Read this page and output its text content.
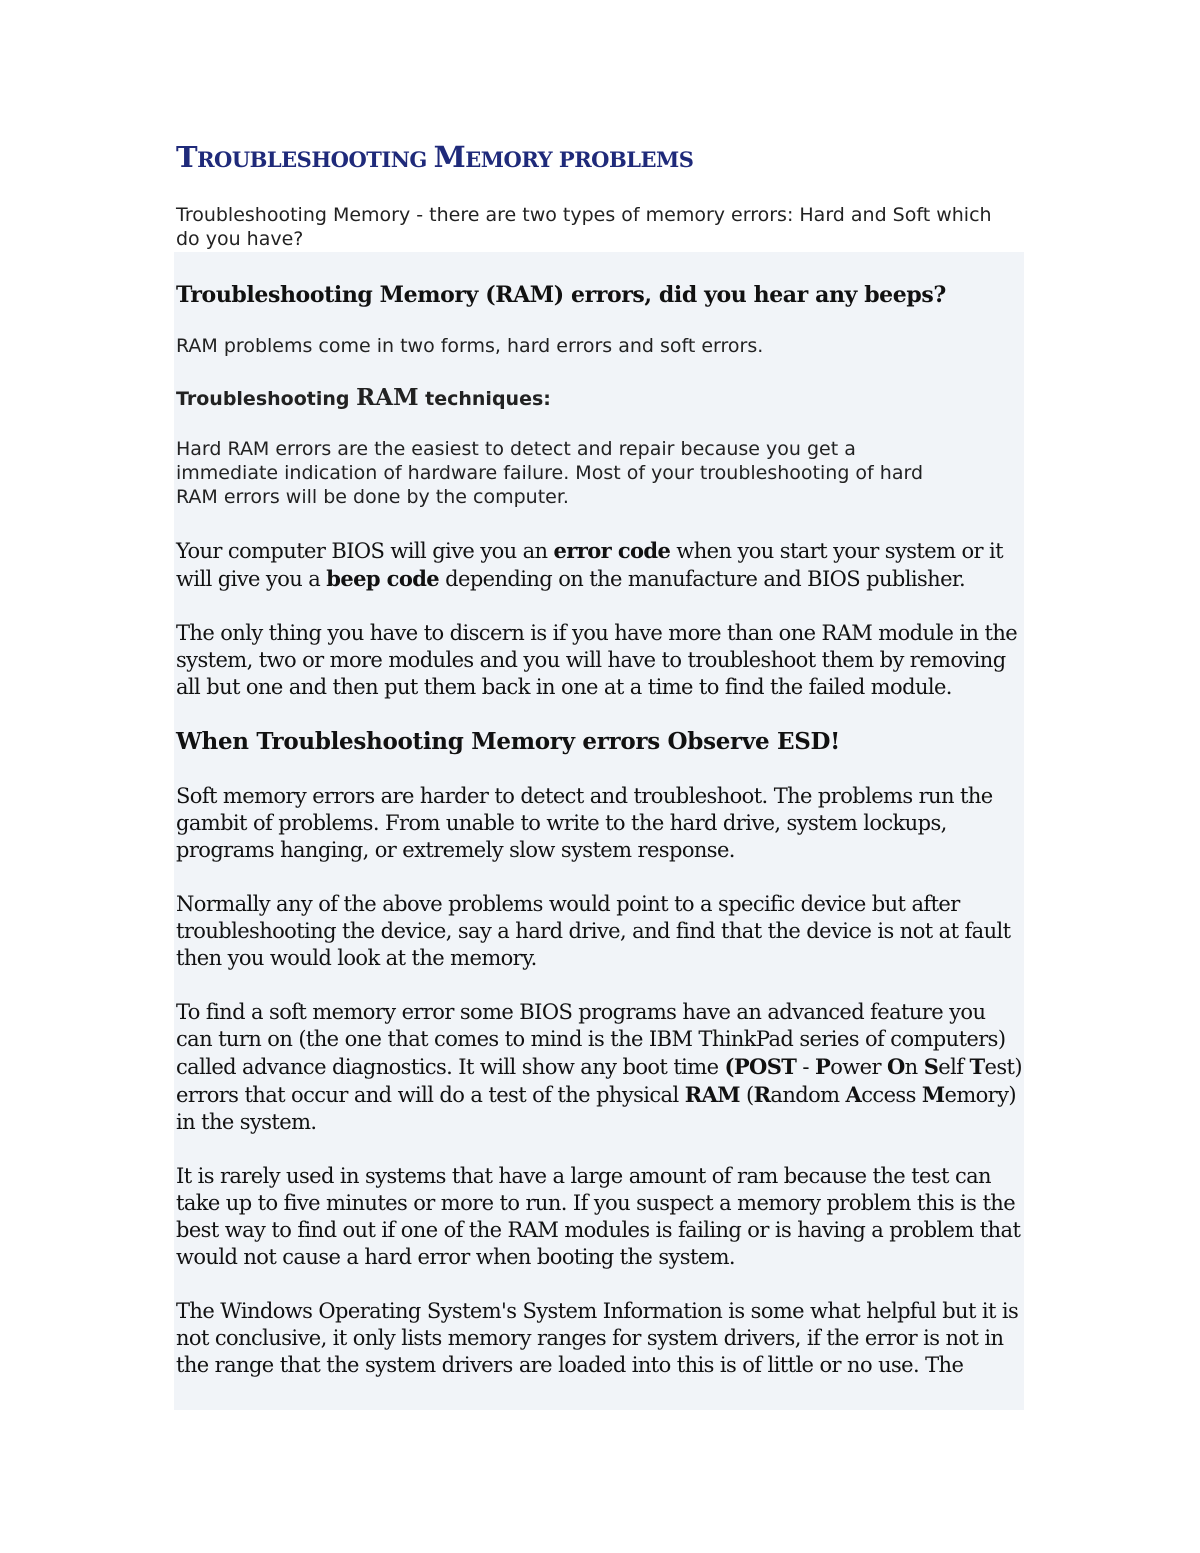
TROUBLESHOOTING MEMORY PROBLEMS

Troubleshooting Memory - there are two types of memory errors: Hard and Soft which do you have?

Troubleshooting Memory (RAM) errors, did you hear any beeps?

RAM problems come in two forms, hard errors and soft errors.

Troubleshooting RAM techniques:

Hard RAM errors are the easiest to detect and repair because you get a immediate indication of hardware failure. Most of your troubleshooting of hard RAM errors will be done by the computer.

Your computer BIOS will give you an error code when you start your system or it will give you a beep code depending on the manufacture and BIOS publisher.

The only thing you have to discern is if you have more than one RAM module in the system, two or more modules and you will have to troubleshoot them by removing all but one and then put them back in one at a time to find the failed module.

When Troubleshooting Memory errors Observe ESD!

Soft memory errors are harder to detect and troubleshoot. The problems run the gambit of problems. From unable to write to the hard drive, system lockups, programs hanging, or extremely slow system response.

Normally any of the above problems would point to a specific device but after troubleshooting the device, say a hard drive, and find that the device is not at fault then you would look at the memory.

To find a soft memory error some BIOS programs have an advanced feature you can turn on (the one that comes to mind is the IBM ThinkPad series of computers) called advance diagnostics. It will show any boot time (POST - Power On Self Test) errors that occur and will do a test of the physical RAM (Random Access Memory) in the system.

It is rarely used in systems that have a large amount of ram because the test can take up to five minutes or more to run. If you suspect a memory problem this is the best way to find out if one of the RAM modules is failing or is having a problem that would not cause a hard error when booting the system.

The Windows Operating System's System Information is some what helpful but it is not conclusive, it only lists memory ranges for system drivers, if the error is not in the range that the system drivers are loaded into this is of little or no use. The
